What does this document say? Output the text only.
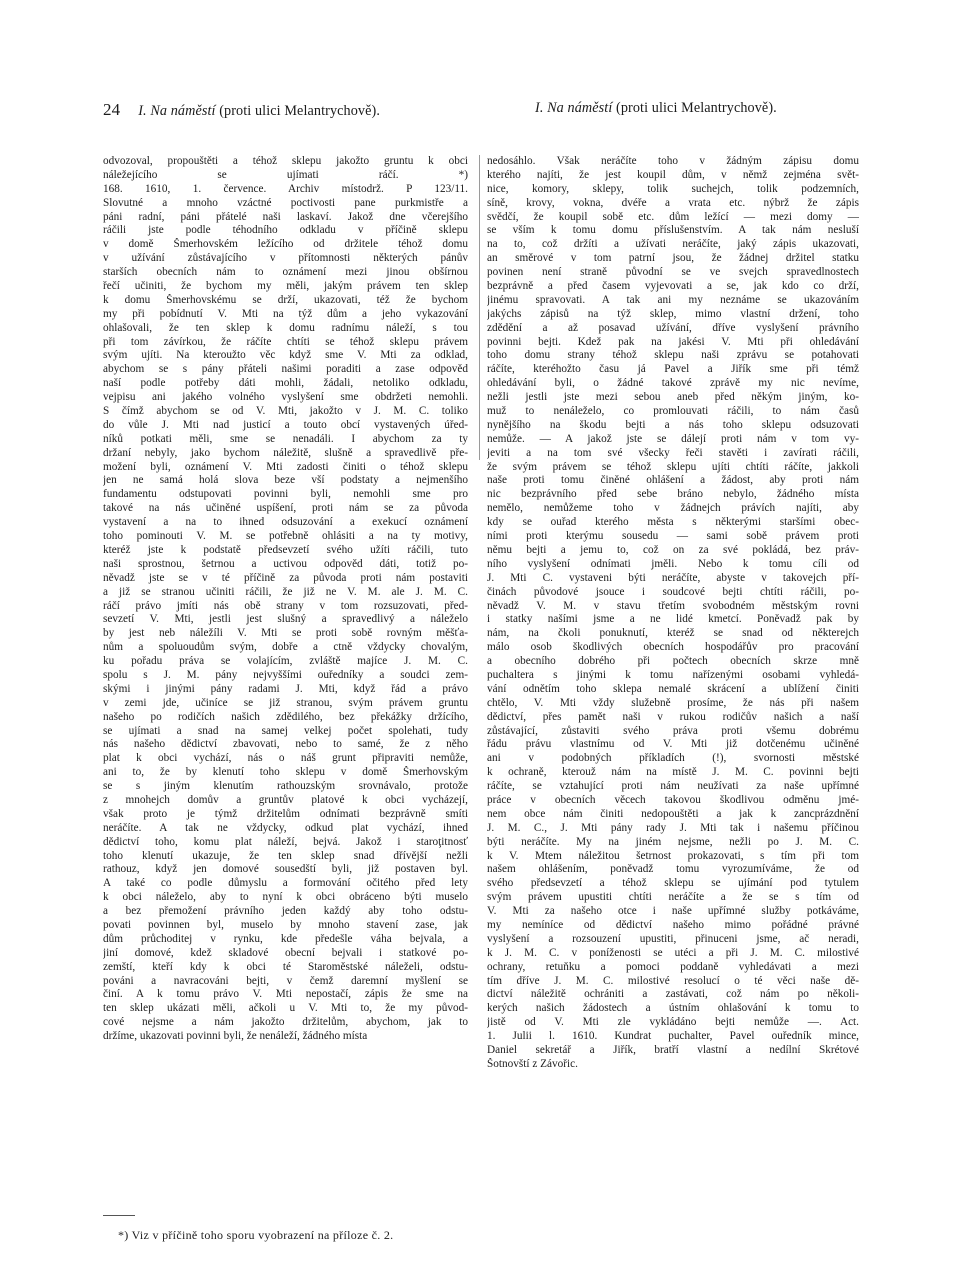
24 I. Na náměstí (proti ulici Melantrychově).	I. Na náměstí (proti ulici Melantrychově).
odvozoval, propouštěti a téhož sklepu jakožto gruntu k obci
náležejícího se ujímati ráčí. *)
168. 1610, 1. července. Archiv místodrž. P 123/11.
Slovutné a mnoho vzáctné poctivosti pane purkmistře a
páni radní, páni přátelé naši laskaví. Jakož dne včerejšího
ráčili jste podle téhodního odkladu v příčině sklepu
v domě Šmerhovském ležícího od držitele téhož domu
v užívání zůstávajícího v přítomnosti některých pánův
starších obecních nám to oznámení mezi jinou obšírnou
řečí učiniti, že bychom my měli, jakým právem ten sklep
k domu Šmerhovskému se drží, ukazovati, též že bychom
my při pobídnutí V. Mti na týž dům a jeho vykazování
ohlašovali, že ten sklep k domu radnímu náleží, s tou
při tom závírkou, že ráčíte chtíti se téhož sklepu právem
svým ujíti. Na kteroužto věc když sme V. Mti za odklad,
abychom se s pány přáteli našimi poraditi a zase odpověd
naší podle potřeby dáti mohli, žádali, netoliko odkladu,
vejpisu ani jakého volného vyslyšení sme obdržeti nemohli.
S čímž abychom se od V. Mti, jakožto v J. M. C. toliko
do vůle J. Mti nad justicí a touto obcí vystavených úřed-
níků potkati měli, sme se nenadáli. I abychom za ty
držaní nebyly, jako bychom náležitě, slušně a spravedlivě pře-
možení byli, oznámení V. Mti zadosti činiti o téhož sklepu
jen ne samá holá slova beze vší podstaty a nejmenšího
fundamentu odstupovati povinni byli, nemohli sme pro
takové na nás učiněné uspíšení, proti nám se za původa
vystavení a na to ihned odsuzování a exekucí oznámení
toho pominouti V. M. se potřebně ohlásiti a na ty motivy,
kteréž jste k podstatě předsevzetí svého užíti ráčili, tuto
naši sprostnou, šetrnou a uctivou odpověd dáti, totiž po-
něvadž jste se v té příčině za původa proti nám postaviti
a již se stranou učiniti ráčili, že již ne V. M. ale J. M. C.
ráčí právo jmíti nás obě strany v tom rozsuzovati, před-
sevzetí V. Mti, jestli jest slušný a spravedlivý a náleželo
by jest neb náležíli V. Mti se proti sobě rovným měšťa-
nům a spoluoudům svým, dobře a ctně vždycky chovalým,
ku pořadu práva se volajícím, zvláště majíce J. M. C.
spolu s J. M. pány nejvyššími ouředníky a soudci zem-
skými i jinými pány radami J. Mti, když řád a právo
v zemi jde, učiníce se již stranou, svým právem gruntu
našeho po rodičích našich zdědilého, bez překážky držícího,
se ujímati a snad na samej velkej počet spolehati, tudy
nás našeho dědictví zbavovati, nebo to samé, že z něho
plat k obci vychází, nás o náš grunt připraviti nemůže,
ani to, že by klenutí toho sklepu v domě Šmerhovským
se s jiným klenutím rathouzským srovnávalo, protože
z mnohejch domův a gruntův platové k obci vycházejí,
však proto je týmž držitelům odnímati bezprávně smíti
neráčíte. A tak ne vždycky, odkud plat vychází, ihned
dědictví toho, komu plat náleží, bejvá. Jakož i staroţitnosť
toho klenutí ukazuje, že ten sklep snad dřívější nežli
rathouz, když jen domové sousedští byli, již postaven byl.
A také co podle důmyslu a formování očitého před lety
k obci náleželo, aby to nyní k obci obráceno býti muselo
a bez přemožení právního jeden každý aby toho odstu-
povati povinnen byl, muselo by mnoho stavení zase, jak
dům průchoditej v rynku, kde předešle váha bejvala, a
jiní domové, kdež skladové obecní bejvali i statkové po-
zemští, kteří kdy k obci té Staroměstské náleželi, odstu-
pováni a navracováni bejti, v čemž daremní myšlení se
činí. A k tomu právo V. Mti nepostačí, zápis že sme na
ten sklep ukázati měli, ačkoli u V. Mti to, že my původ-
cové nejsme a nám jakožto držitelům, abychom, jak to
držíme, ukazovati povinni byli, že nenáleží, žádného místa
nedosáhlo. Však neráčíte toho v žádným zápisu domu
kterého najíti, že jest koupil dům, v němž zejména svět-
nice, komory, sklepy, tolik suchejch, tolik podzemních,
síně, krovy, vokna, dvéře a vrata etc. nýbrž že zápis
svědčí, že koupil sobě etc. dům ležící — mezi domy —
se vším k tomu domu příslušenstvím. A tak nám nesluší
na to, což držíti a užívati neráčíte, jaký zápis ukazovati,
an směrové v tom patrní jsou, že žádnej držitel statku
povinen není straně původní se ve svejch spravedlnostech
bezprávně a před časem vyjevovati a se, jak kdo co drží,
jinému spravovati. A tak ani my neznáme se ukazováním
jakýchs zápisů na týž sklep, mimo vlastní držení, toho
zdědění a až posavad užívání, dříve vyslyšení právního
povinni bejti. Kdež pak na jakési V. Mti při ohledávání
toho domu strany téhož sklepu naši zprávu se potahovati
ráčíte, kteréhožto času já Pavel a Jiřík sme při témž
ohledávání byli, o žádné takové zprávě my nic nevíme,
nežli jestli jste mezi sebou aneb před někým jiným, ko-
muž to nenáleželo, co promlouvati ráčili, to nám časů
nynějšího na škodu bejti a nás toho sklepu odsuzovati
nemůže. — A jakož jste se dálejí proti nám v tom vy-
jeviti a na tom své všecky řeči stavěti i zavírati ráčili,
že svým právem se téhož sklepu ujíti chtíti ráčíte, jakkoli
naše proti tomu činěné ohlášení a žádost, aby proti nám
nic bezprávního před sebe bráno nebylo, žádného místa
nemělo, nemůžeme toho v žádnejch právích najíti, aby
kdy se ouřad kterého města s některými staršími obec-
ními proti kterýmu sousedu — sami sobě právem proti
němu bejti a jemu to, což on za své pokládá, bez práv-
ního vyslyšení odnímati jměli. Nebo k tomu cíli od
J. Mti C. vystaveni býti neráčíte, abyste v takovejch pří-
činách původové jsouce i soudcové bejti chtíti ráčili, po-
něvadž V. M. v stavu třetím svobodném městským rovni
i statky našími jsme a ne lidé kmetcí. Poněvadž pak by
nám, na čkoli ponuknutí, kteréž se snad od některejch
málo osob škodlivých obecních hospodářův pro pracování
a obecního dobrého při počtech obecních skrze mně
puchaltera s jinými k tomu nařízenými osobami vyhledá-
vání odnětím toho sklepa nemalé skrácení a ublížení činiti
chtělo, V. Mti vždy služebně prosíme, že nás při našem
dědictví, přes pamět naši v rukou rodičův našich a naší
zůstávající, zůstaviti svého práva proti všemu dobrému
řádu právu vlastnímu od V. Mti již dotčenému učiněné
ani v podobných příkladích (!), svornosti městské
k ochraně, kterouž nám na místě J. M. C. povinni bejti
ráčíte, se vztahující proti nám neužívati za naše upřímné
práce v obecních věcech takovou škodlivou odměnu jmé-
nem obce nám činiti nedopouštěti a jak k zancprázdnění
J. M. C., J. Mti pány rady J. Mti tak i našemu příčinou
býti neráčíte. My na jiném nejsme, nežli po J. M. C.
k V. Mtem náležitou šetrnost prokazovati, s tím při tom
našem ohlášením, poněvadž tomu vyrozumíváme, že od
svého předsevzetí a téhož sklepu se ujímání pod tytulem
svým právem upustiti chtíti neráčíte a že se s tím od
V. Mti za našeho otce i naše upřímné služby potkáváme,
my nemíníce od dědictví našeho mimo pořádné právné
vyslyšení a rozsouzení upustiti, přinuceni jsme, ač neradi,
k J. M. C. v poníženosti se utéci a při J. M. C. milostivé
ochrany, retuňku a pomoci poddaně vyhledávati a mezi
tím dříve J. M. C. milostivé resolucí o té věci naše dě-
dictví náležitě ochrániti a zastávati, což nám po několi-
kerých našich žádostech a ústním ohlašování k tomu to
jistě od V. Mti zle vykládáno bejti nemůže —. Act.
1. Julii l. 1610. Kundrat puchalter, Pavel ouředník mince,
Daniel sekretář a Jiřík, bratří vlastní a nedílní Skrétové
Šotnovští z Závořic.
*) Viz v příčině toho sporu vyobrazení na příloze č. 2.
